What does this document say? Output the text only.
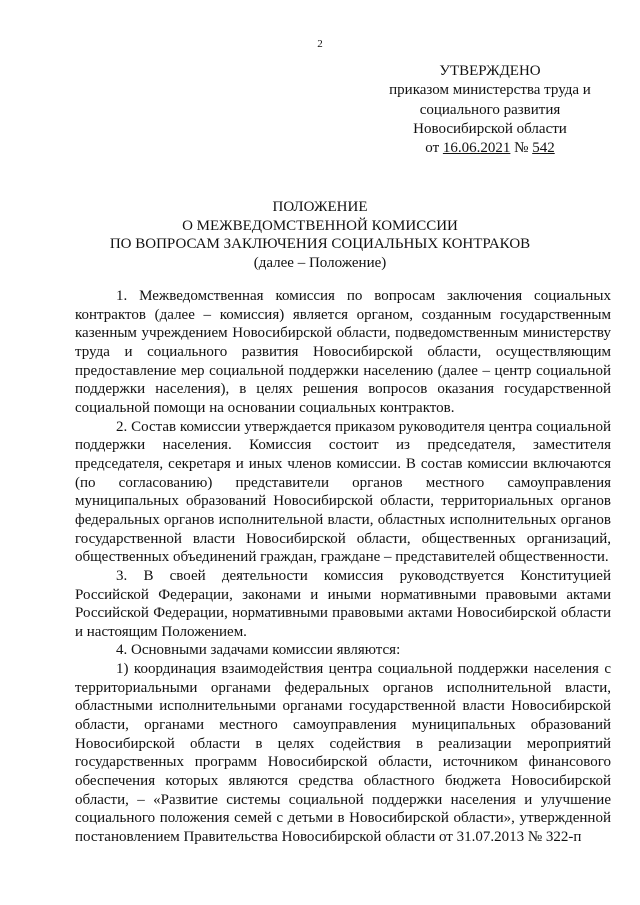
2
УТВЕРЖДЕНО
приказом министерства труда и
социального развития
Новосибирской области
от 16.06.2021 № 542
ПОЛОЖЕНИЕ
О МЕЖВЕДОМСТВЕННОЙ КОМИССИИ
ПО ВОПРОСАМ ЗАКЛЮЧЕНИЯ СОЦИАЛЬНЫХ КОНТРАКОВ
(далее – Положение)

1. Межведомственная комиссия по вопросам заключения социальных контрактов (далее – комиссия) является органом, созданным государственным казенным учреждением Новосибирской области, подведомственным министерству труда и социального развития Новосибирской области, осуществляющим предоставление мер социальной поддержки населению (далее – центр социальной поддержки населения), в целях решения вопросов оказания государственной социальной помощи на основании социальных контрактов.

2. Состав комиссии утверждается приказом руководителя центра социальной поддержки населения. Комиссия состоит из председателя, заместителя председателя, секретаря и иных членов комиссии. В состав комиссии включаются (по согласованию) представители органов местного самоуправления муниципальных образований Новосибирской области, территориальных органов федеральных органов исполнительной власти, областных исполнительных органов государственной власти Новосибирской области, общественных организаций, общественных объединений граждан, граждане – представителей общественности.

3. В своей деятельности комиссия руководствуется Конституцией Российской Федерации, законами и иными нормативными правовыми актами Российской Федерации, нормативными правовыми актами Новосибирской области и настоящим Положением.

4. Основными задачами комиссии являются:

1) координация взаимодействия центра социальной поддержки населения с территориальными органами федеральных органов исполнительной власти, областными исполнительными органами государственной власти Новосибирской области, органами местного самоуправления муниципальных образований Новосибирской области в целях содействия в реализации мероприятий государственных программ Новосибирской области, источником финансового обеспечения которых являются средства областного бюджета Новосибирской области, – «Развитие системы социальной поддержки населения и улучшение социального положения семей с детьми в Новосибирской области», утвержденной постановлением Правительства Новосибирской области от 31.07.2013 № 322-п
